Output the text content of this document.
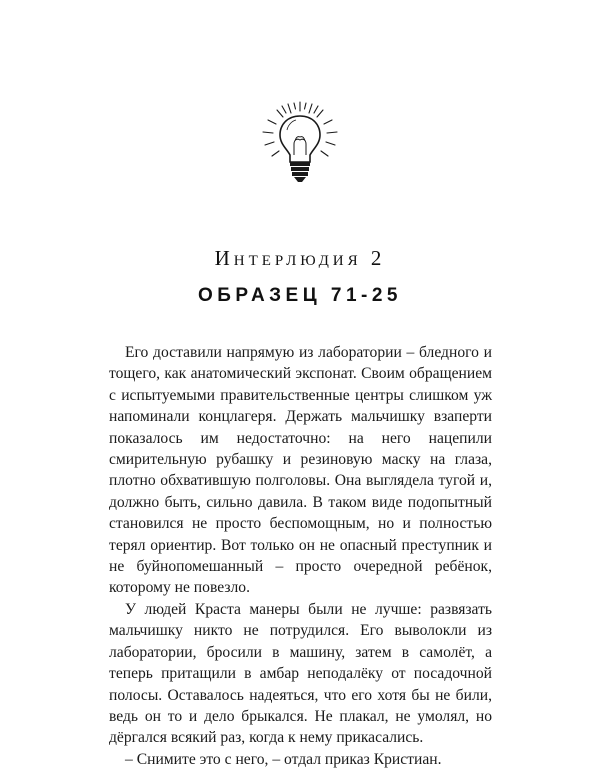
Интерлюдия 2
ОБРАЗЕЦ 71-25

Его доставили напрямую из лаборатории – бледного и тощего, как анатомический экспонат. Своим обращением с испытуемыми правительственные центры слишком уж напоминали концлагеря. Держать мальчишку взаперти показалось им недостаточно: на него нацепили смирительную рубашку и резиновую маску на глаза, плотно обхватившую полголовы. Она выглядела тугой и, должно быть, сильно давила. В таком виде подопытный становился не просто беспомощным, но и полностью терял ориентир. Вот только он не опасный преступник и не буйнопомешанный – просто очередной ребёнок, которому не повезло.

У людей Краста манеры были не лучше: развязать мальчишку никто не потрудился. Его выволокли из лаборатории, бросили в машину, затем в самолёт, а теперь притащили в амбар неподалёку от посадочной полосы. Оставалось надеяться, что его хотя бы не били, ведь он то и дело брыкался. Не плакал, не умолял, но дёргался всякий раз, когда к нему прикасались.

– Снимите это с него, – отдал приказ Кристиан.
